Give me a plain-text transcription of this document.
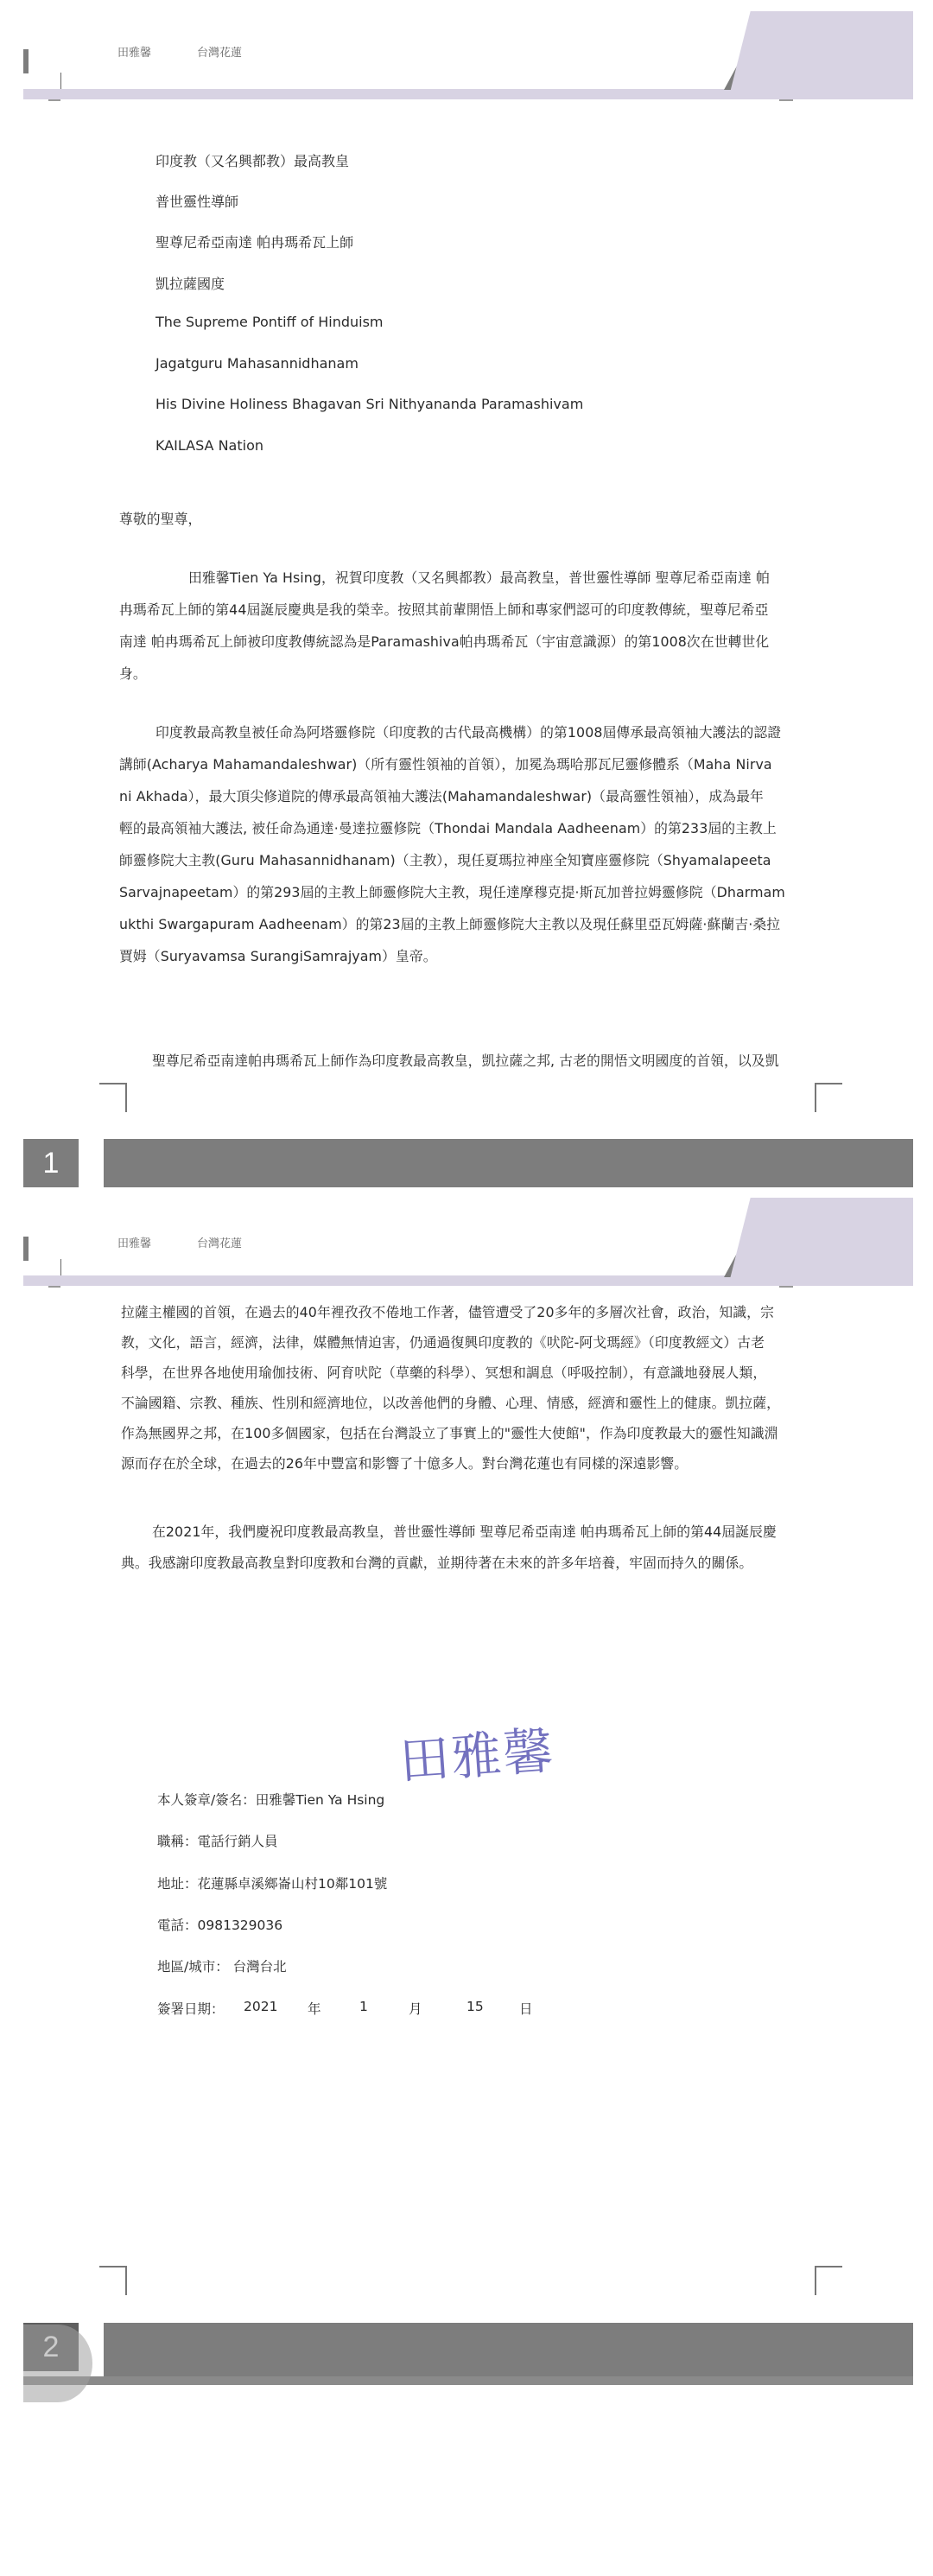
田雅馨	台灣花蓮
印度教（又名興都教）最高教皇
普世靈性導師
聖尊尼希亞南達 帕冉瑪希瓦上師
凱拉薩國度
The Supreme Pontiff of Hinduism
Jagatguru Mahasannidhanam
His Divine Holiness Bhagavan Sri Nithyananda Paramashivam
KAILASA Nation
尊敬的聖尊，
田雅馨Tien Ya Hsing，祝賀印度教（又名興都教）最高教皇，普世靈性導師 聖尊尼希亞南達 帕
冉瑪希瓦上師的第44屆誕辰慶典是我的榮幸。按照其前輩開悟上師和專家們認可的印度教傳統，聖尊尼希亞
南達 帕冉瑪希瓦上師被印度教傳統認為是Paramashiva帕冉瑪希瓦（宇宙意識源）的第1008次在世轉世化
身。
印度教最高教皇被任命為阿塔靈修院（印度教的古代最高機構）的第1008屆傳承最高領袖大護法的認證
講師(Acharya Mahamandaleshwar)（所有靈性領袖的首領），加冕為瑪哈那瓦尼靈修體系（Maha Nirva
ni Akhada），最大頂尖修道院的傳承最高領袖大護法(Mahamandaleshwar)（最高靈性領袖），成為最年
輕的最高領袖大護法, 被任命為通達·曼達拉靈修院（Thondai Mandala Aadheenam）的第233屆的主教上
師靈修院大主教(Guru Mahasannidhanam)（主教），現任夏瑪拉神座全知寶座靈修院（Shyamalapeeta
Sarvajnapeetam）的第293屆的主教上師靈修院大主教，現任達摩穆克提·斯瓦加普拉姆靈修院（Dharmam
ukthi Swargapuram Aadheenam）的第23屆的主教上師靈修院大主教以及現任蘇里亞瓦姆薩·蘇蘭吉·桑拉
賈姆（Suryavamsa SurangiSamrajyam）皇帝。
聖尊尼希亞南達帕冉瑪希瓦上師作為印度教最高教皇，凱拉薩之邦, 古老的開悟文明國度的首領，以及凱
1
田雅馨	台灣花蓮
拉薩主權國的首領，在過去的40年裡孜孜不倦地工作著，儘管遭受了20多年的多層次社會，政治，知識，宗
教，文化，語言，經濟，法律，媒體無情迫害，仍通過復興印度教的《吠陀-阿戈瑪經》（印度教經文）古老
科學，在世界各地使用瑜伽技術、阿育吠陀（草藥的科學）、冥想和調息（呼吸控制），有意識地發展人類，
不論國籍、宗教、種族、性別和經濟地位，以改善他們的身體、心理、情感，經濟和靈性上的健康。凱拉薩，
作為無國界之邦，在100多個國家，包括在台灣設立了事實上的"靈性大使館"，作為印度教最大的靈性知識淵
源而存在於全球，在過去的26年中豐富和影響了十億多人。對台灣花蓮也有同樣的深遠影響。
在2021年，我們慶祝印度教最高教皇，普世靈性導師 聖尊尼希亞南達 帕冉瑪希瓦上師的第44屆誕辰慶
典。我感謝印度教最高教皇對印度教和台灣的貢獻，並期待著在未來的許多年培養，牢固而持久的關係。
田雅馨
本人簽章/簽名：田雅馨Tien Ya Hsing
職稱：電話行銷人員
地址：花蓮縣卓溪鄉崙山村10鄰101號
電話：0981329036
地區/城市： 台灣台北
簽署日期： 2021 年	1	月	15	日
